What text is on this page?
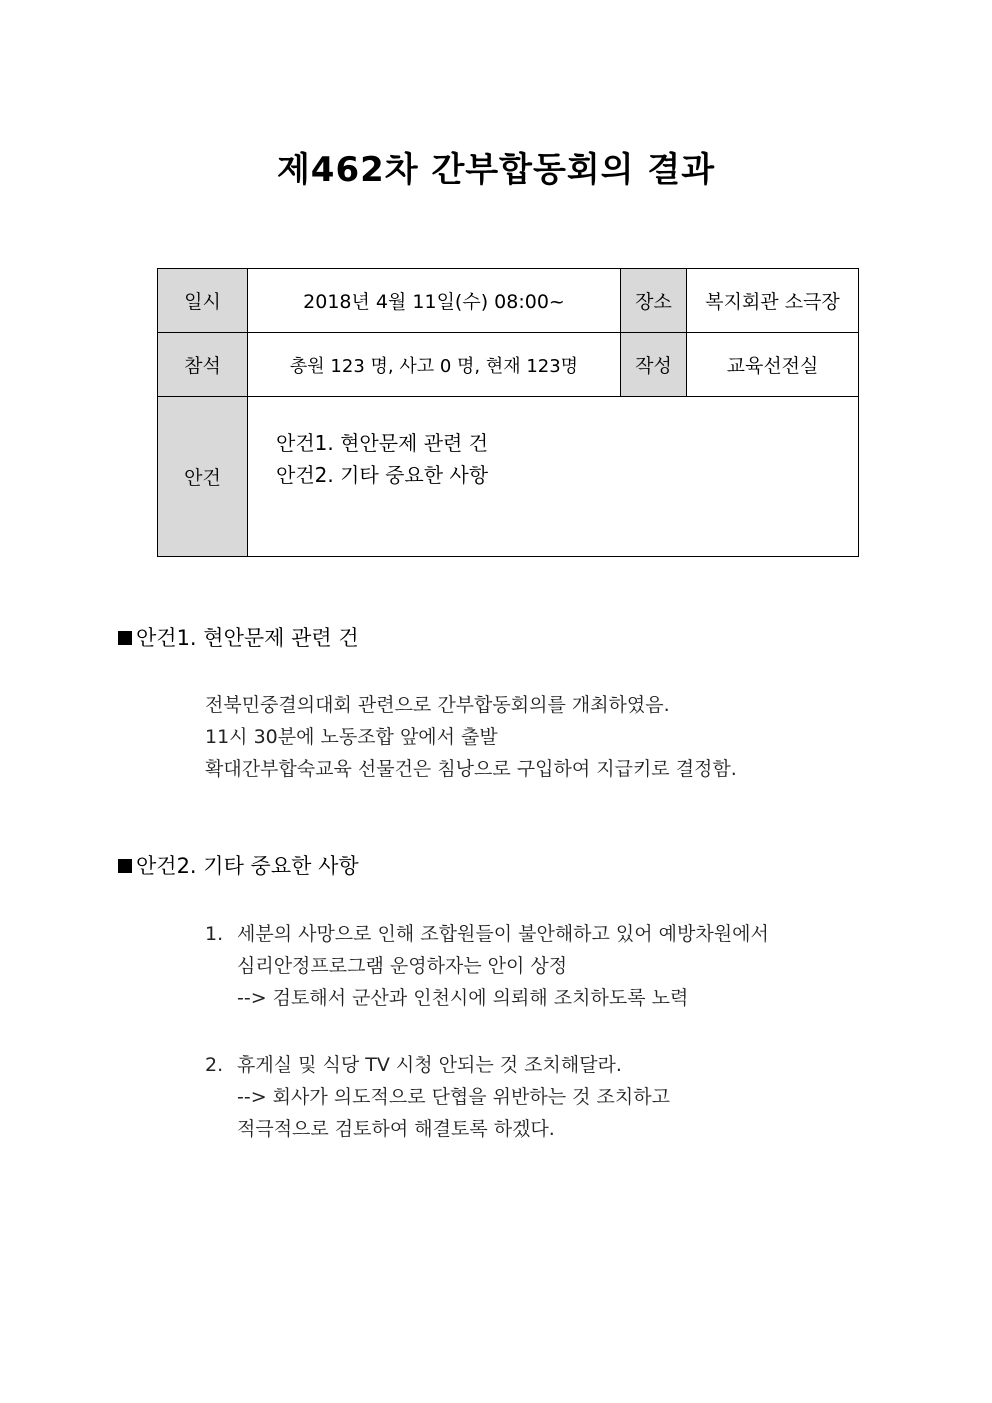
제462차 간부합동회의 결과
일시	2018년 4월 11일(수) 08:00~	장소	복지회관 소극장
참석	총원 123 명, 사고 0 명, 현재 123명	작성	교육선전실
안건	안건1. 현안문제 관련 건
안건2. 기타 중요한 사항		
안건1. 현안문제 관련 건
전북민중결의대회 관련으로 간부합동회의를 개최하였음.
11시 30분에 노동조합 앞에서 출발
확대간부합숙교육 선물건은 침낭으로 구입하여 지급키로 결정함.
안건2. 기타 중요한 사항
1. 세분의 사망으로 인해 조합원들이 불안해하고 있어 예방차원에서
심리안정프로그램 운영하자는 안이 상정
--> 검토해서 군산과 인천시에 의뢰해 조치하도록 노력
2. 휴게실 및 식당 TV 시청 안되는 것 조치해달라.
--> 회사가 의도적으로 단협을 위반하는 것 조치하고
적극적으로 검토하여 해결토록 하겠다.
